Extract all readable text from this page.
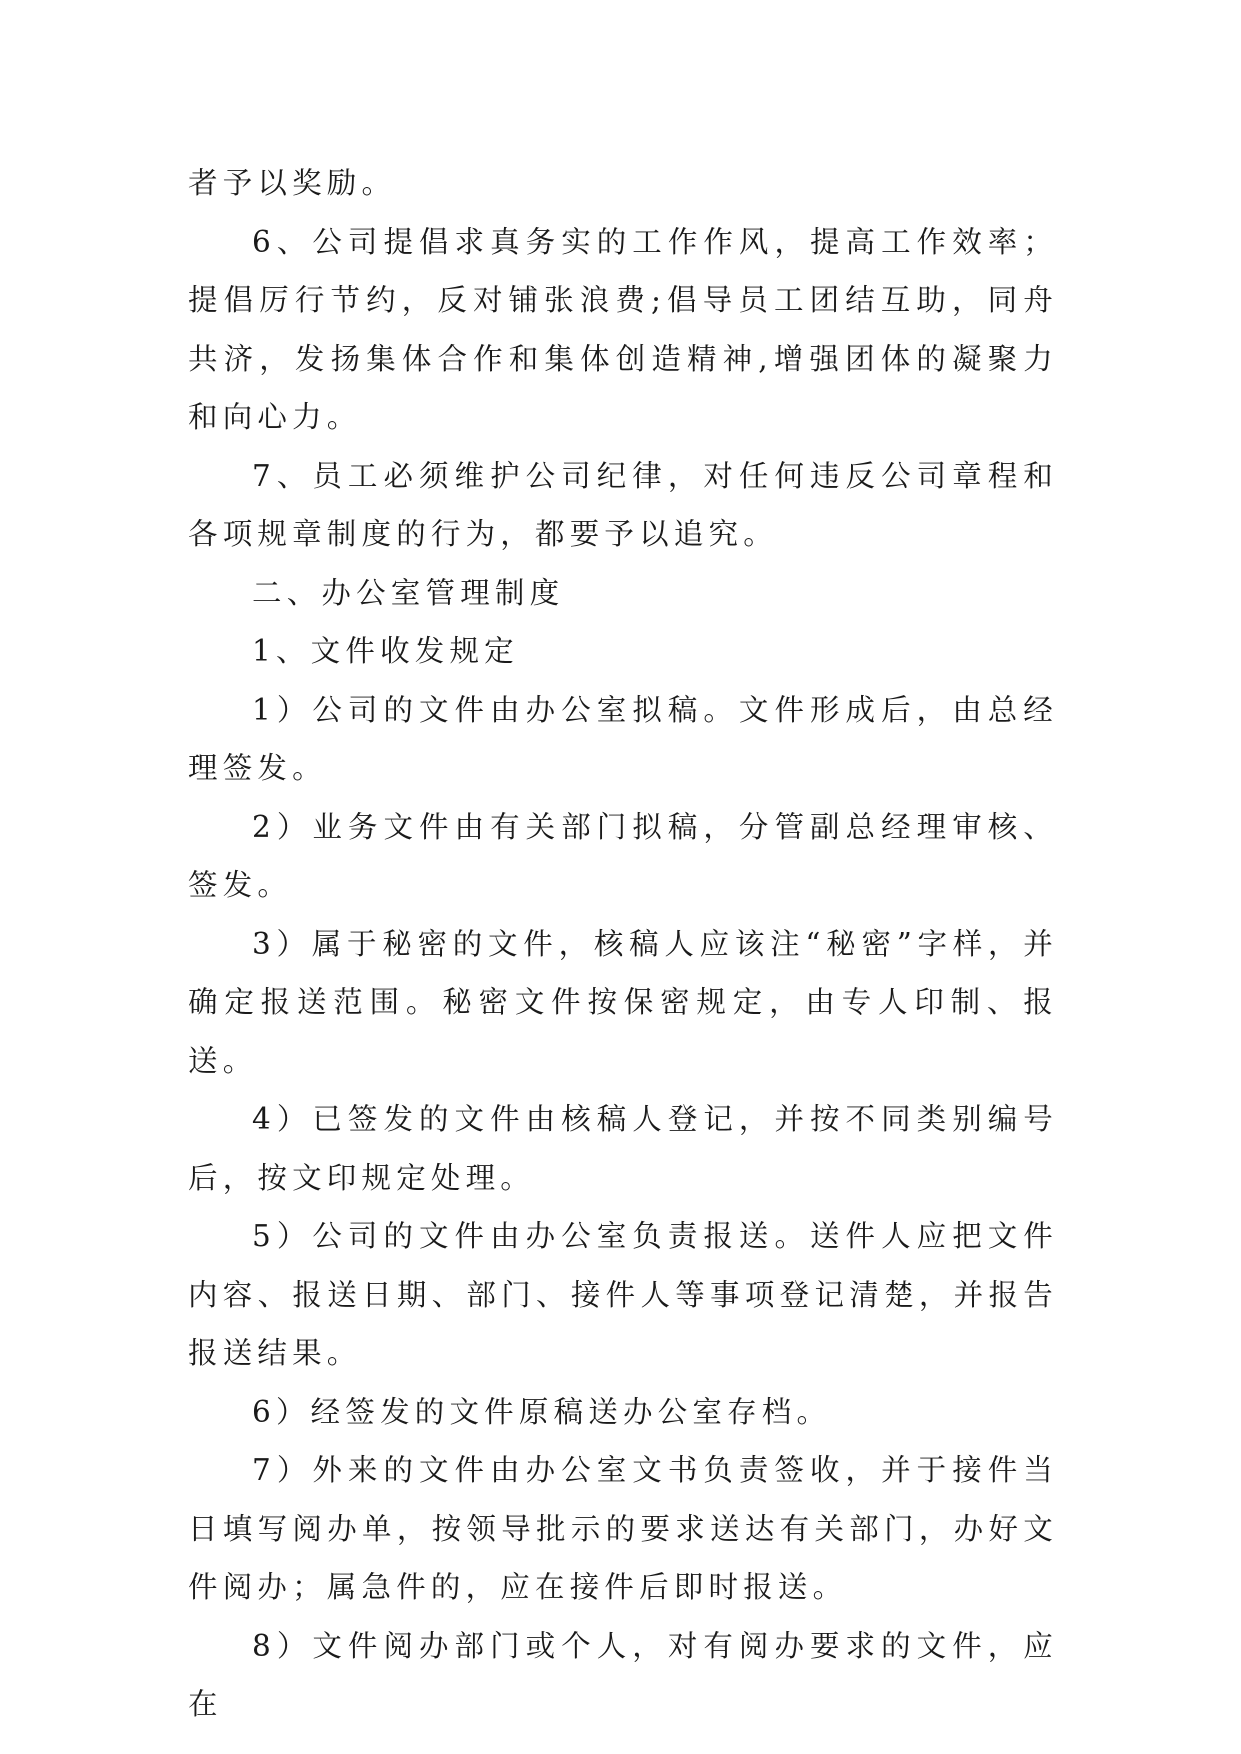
者予以奖励。

6、公司提倡求真务实的工作作风，提高工作效率；提倡厉行节约，反对铺张浪费;倡导员工团结互助，同舟共济，发扬集体合作和集体创造精神,增强团体的凝聚力和向心力。

7、员工必须维护公司纪律，对任何违反公司章程和各项规章制度的行为，都要予以追究。

二、办公室管理制度

1、文件收发规定

1）公司的文件由办公室拟稿。文件形成后，由总经理签发。

2）业务文件由有关部门拟稿，分管副总经理审核、签发。

3）属于秘密的文件，核稿人应该注“秘密”字样，并确定报送范围。秘密文件按保密规定，由专人印制、报送。

4）已签发的文件由核稿人登记，并按不同类别编号后，按文印规定处理。

5）公司的文件由办公室负责报送。送件人应把文件内容、报送日期、部门、接件人等事项登记清楚，并报告报送结果。

6）经签发的文件原稿送办公室存档。

7）外来的文件由办公室文书负责签收，并于接件当日填写阅办单，按领导批示的要求送达有关部门，办好文件阅办；属急件的，应在接件后即时报送。

8）文件阅办部门或个人，对有阅办要求的文件，应在
